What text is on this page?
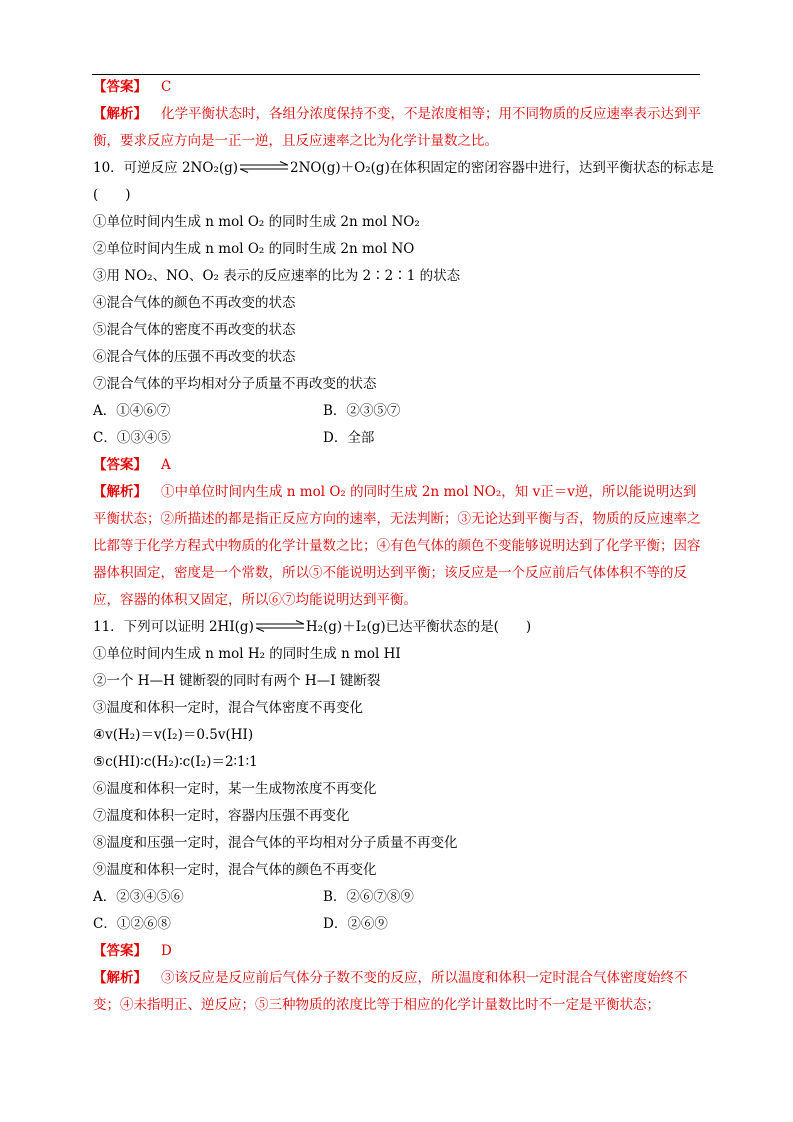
【答案】 C
【解析】 化学平衡状态时，各组分浓度保持不变，不是浓度相等；用不同物质的反应速率表示达到平衡，要求反应方向是一正一逆，且反应速率之比为化学计量数之比。
10．可逆反应 2NO₂(g) ⇌ 2NO(g)＋O₂(g)在体积固定的密闭容器中进行，达到平衡状态的标志是
(　　)
①单位时间内生成 n mol O₂ 的同时生成 2n mol NO₂
②单位时间内生成 n mol O₂ 的同时生成 2n mol NO
③用 NO₂、NO、O₂ 表示的反应速率的比为 2∶2∶1 的状态
④混合气体的颜色不再改变的状态
⑤混合气体的密度不再改变的状态
⑥混合气体的压强不再改变的状态
⑦混合气体的平均相对分子质量不再改变的状态
A．①④⑥⑦	B．②③⑤⑦
C．①③④⑤	D．全部
【答案】 A
【解析】 ①中单位时间内生成 n mol O₂ 的同时生成 2n mol NO₂，知 v正＝v逆，所以能说明达到平衡状态；②所描述的都是指正反应方向的速率，无法判断；③无论达到平衡与否，物质的反应速率之比都等于化学方程式中物质的化学计量数之比；④有色气体的颜色不变能够说明达到了化学平衡；因容器体积固定，密度是一个常数，所以⑤不能说明达到平衡；该反应是一个反应前后气体体积不等的反应，容器的体积又固定，所以⑥⑦均能说明达到平衡。
11．下列可以证明 2HI(g) ⇌ H₂(g)＋I₂(g)已达平衡状态的是(　　)
①单位时间内生成 n mol H₂ 的同时生成 n mol HI
②一个 H—H 键断裂的同时有两个 H—I 键断裂
③温度和体积一定时，混合气体密度不再变化
④v(H₂)＝v(I₂)＝0.5v(HI)
⑤c(HI)∶c(H₂)∶c(I₂)＝2∶1∶1
⑥温度和体积一定时，某一生成物浓度不再变化
⑦温度和体积一定时，容器内压强不再变化
⑧温度和压强一定时，混合气体的平均相对分子质量不再变化
⑨温度和体积一定时，混合气体的颜色不再变化
A．②③④⑤⑥	B．②⑥⑦⑧⑨
C．①②⑥⑧	D．②⑥⑨
【答案】 D
【解析】 ③该反应是反应前后气体分子数不变的反应，所以温度和体积一定时混合气体密度始终不变；④未指明正、逆反应；⑤三种物质的浓度比等于相应的化学计量数比时不一定是平衡状态；
